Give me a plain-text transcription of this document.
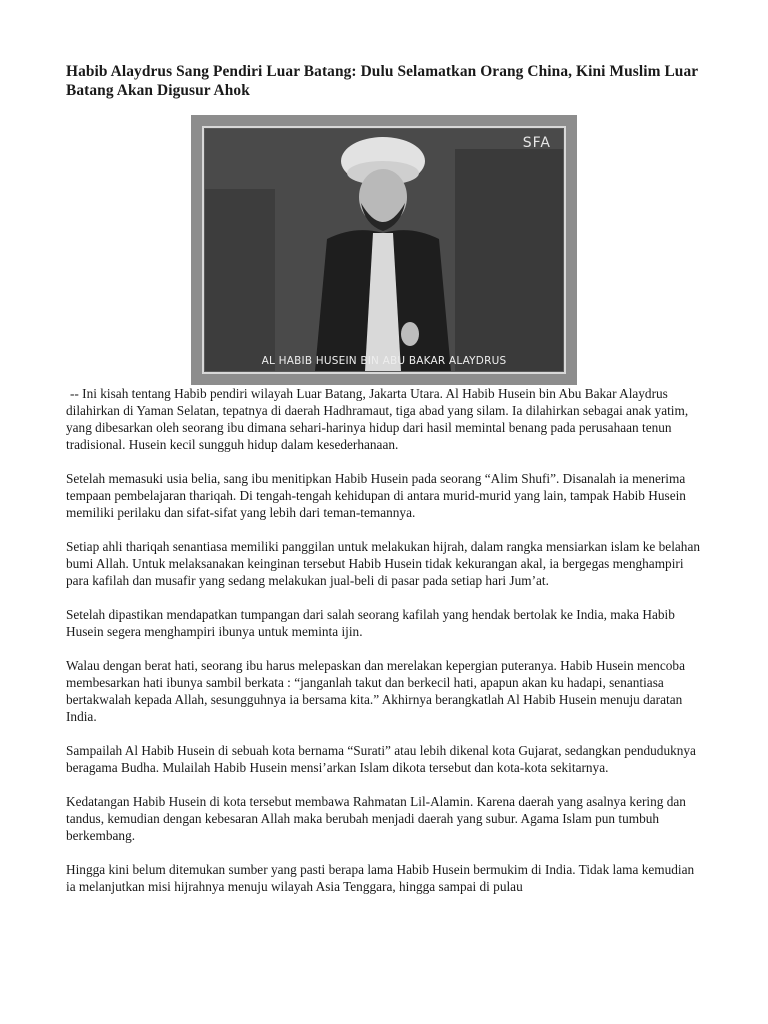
Habib Alaydrus Sang Pendiri Luar Batang: Dulu Selamatkan Orang China, Kini Muslim Luar Batang Akan Digusur Ahok
SFA
AL HABIB HUSEIN BIN ABU BAKAR ALAYDRUS

-- Ini kisah tentang Habib pendiri wilayah Luar Batang, Jakarta Utara. Al Habib Husein bin Abu Bakar Alaydrus dilahirkan di Yaman Selatan, tepatnya di daerah Hadhramaut, tiga abad yang silam. Ia dilahirkan sebagai anak yatim, yang dibesarkan oleh seorang ibu dimana sehari-harinya hidup dari hasil memintal benang pada perusahaan tenun tradisional. Husein kecil sungguh hidup dalam kesederhanaan.

Setelah memasuki usia belia, sang ibu menitipkan Habib Husein pada seorang “Alim Shufi”. Disanalah ia menerima tempaan pembelajaran thariqah. Di tengah-tengah kehidupan di antara murid-murid yang lain, tampak Habib Husein memiliki perilaku dan sifat-sifat yang lebih dari teman-temannya.

Setiap ahli thariqah senantiasa memiliki panggilan untuk melakukan hijrah, dalam rangka mensiarkan islam ke belahan bumi Allah. Untuk melaksanakan keinginan tersebut Habib Husein tidak kekurangan akal, ia bergegas menghampiri para kafilah dan musafir yang sedang melakukan jual-beli di pasar pada setiap hari Jum’at.

Setelah dipastikan mendapatkan tumpangan dari salah seorang kafilah yang hendak bertolak ke India, maka Habib Husein segera menghampiri ibunya untuk meminta ijin.

Walau dengan berat hati, seorang ibu harus melepaskan dan merelakan kepergian puteranya. Habib Husein mencoba membesarkan hati ibunya sambil berkata : “janganlah takut dan berkecil hati, apapun akan ku hadapi, senantiasa bertakwalah kepada Allah, sesungguhnya ia bersama kita.” Akhirnya berangkatlah Al Habib Husein menuju daratan India.

Sampailah Al Habib Husein di sebuah kota bernama “Surati” atau lebih dikenal kota Gujarat, sedangkan penduduknya beragama Budha. Mulailah Habib Husein mensi’arkan Islam dikota tersebut dan kota-kota sekitarnya.

Kedatangan Habib Husein di kota tersebut membawa Rahmatan Lil-Alamin. Karena daerah yang asalnya kering dan tandus, kemudian dengan kebesaran Allah maka berubah menjadi daerah yang subur. Agama Islam pun tumbuh berkembang.

Hingga kini belum ditemukan sumber yang pasti berapa lama Habib Husein bermukim di India. Tidak lama kemudian ia melanjutkan misi hijrahnya menuju wilayah Asia Tenggara, hingga sampai di pulau
